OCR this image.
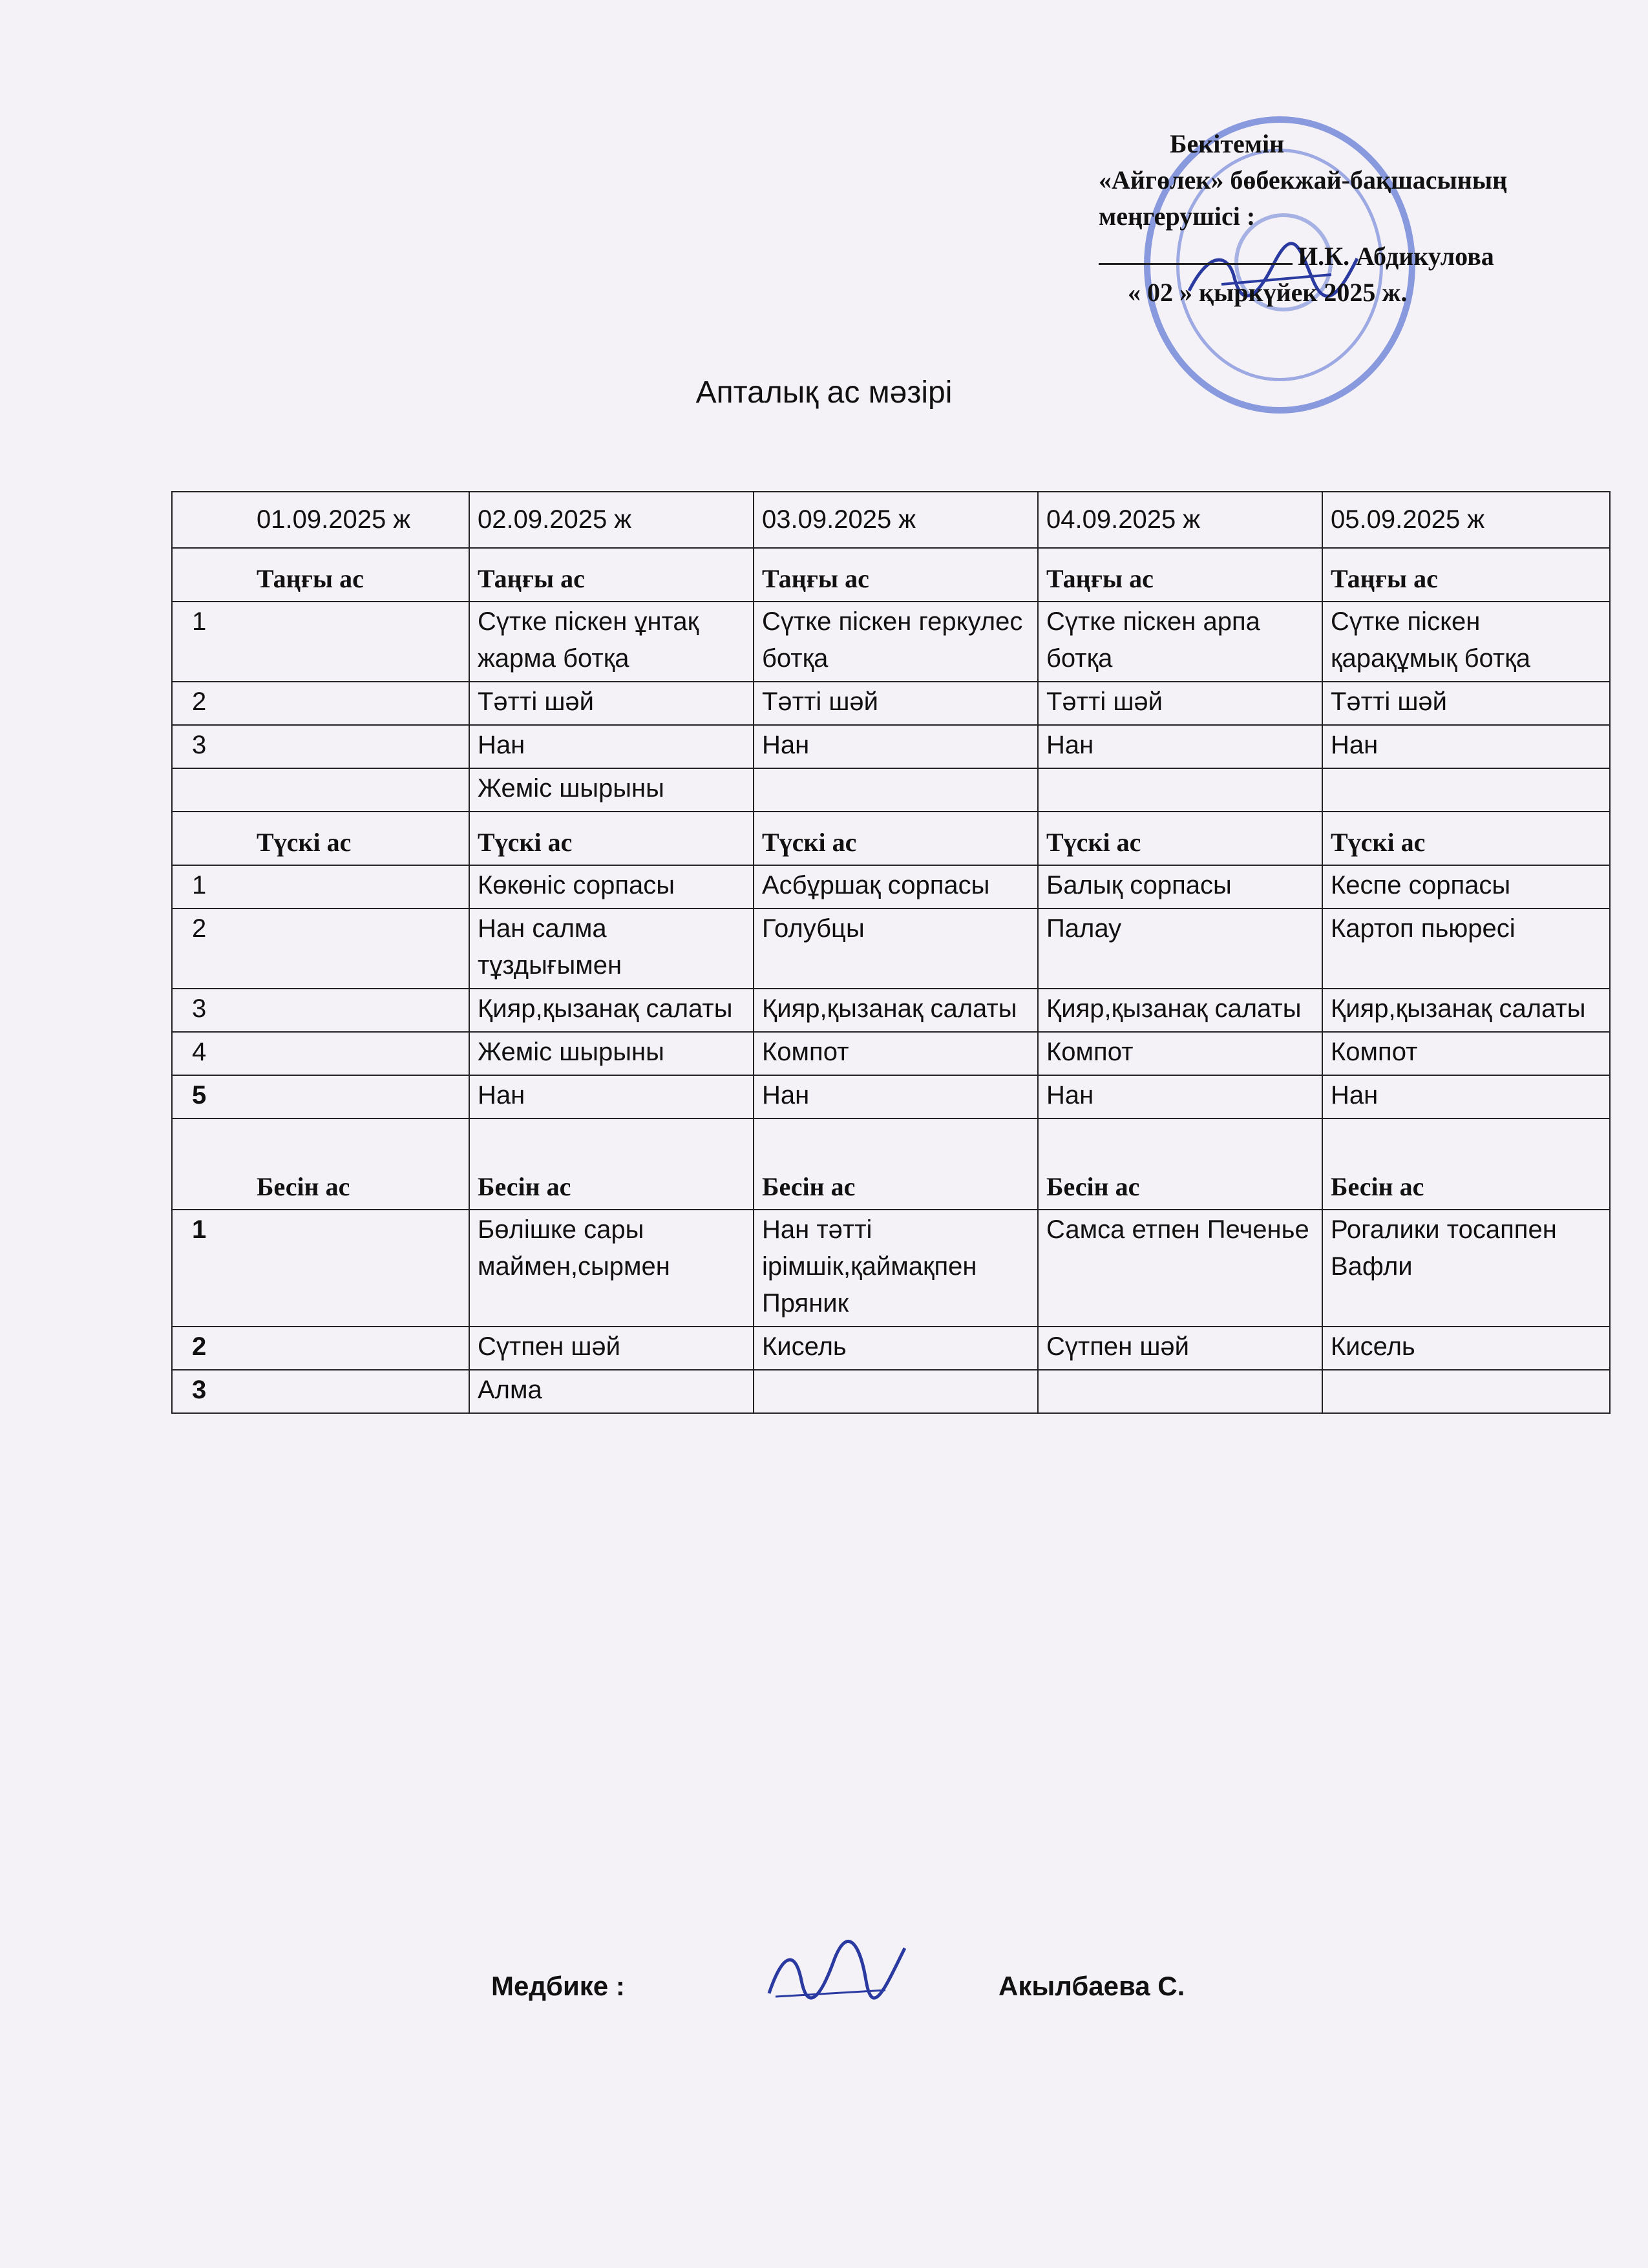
Бекітемін
«Айгөлек» бөбекжай-бақшасының
меңгерушісі :
И.К. Абдикулова
« 02 » қыркүйек 2025 ж.
Апталық ас мәзірі
01.09.2025 ж	02.09.2025 ж	03.09.2025 ж	04.09.2025 ж	05.09.2025 ж
Таңғы ас	Таңғы ас	Таңғы ас	Таңғы ас	Таңғы ас
1	Сүтке піскен ұнтақ жарма ботқа	Сүтке піскен геркулес ботқа	Сүтке піскен арпа ботқа	Сүтке піскен қарақұмық ботқа
2	Тәтті шәй	Тәтті шәй	Тәтті шәй	Тәтті шәй
3	Нан	Нан	Нан	Нан
	Жеміс шырыны			
Түскі ас	Түскі ас	Түскі ас	Түскі ас	Түскі ас
1	Көкөніс сорпасы	Асбұршақ сорпасы	Балық сорпасы	Кеспе сорпасы
2	Нан салма тұздығымен	Голубцы	Палау	Картоп пьюресі
3	Қияр,қызанақ салаты	Қияр,қызанақ салаты	Қияр,қызанақ салаты	Қияр,қызанақ салаты
4	Жеміс шырыны	Компот	Компот	Компот
5	Нан	Нан	Нан	Нан
Бесін ас	Бесін ас	Бесін ас	Бесін ас	Бесін ас
1	Бөлішке сары маймен,сырмен	Нан тәтті ірімшік,қаймақпен Пряник	Самса етпен Печенье	Рогалики тосаппен Вафли
2	Сүтпен шәй	Кисель	Сүтпен шәй	Кисель
3	Алма			
Медбике :	Акылбаева С.
